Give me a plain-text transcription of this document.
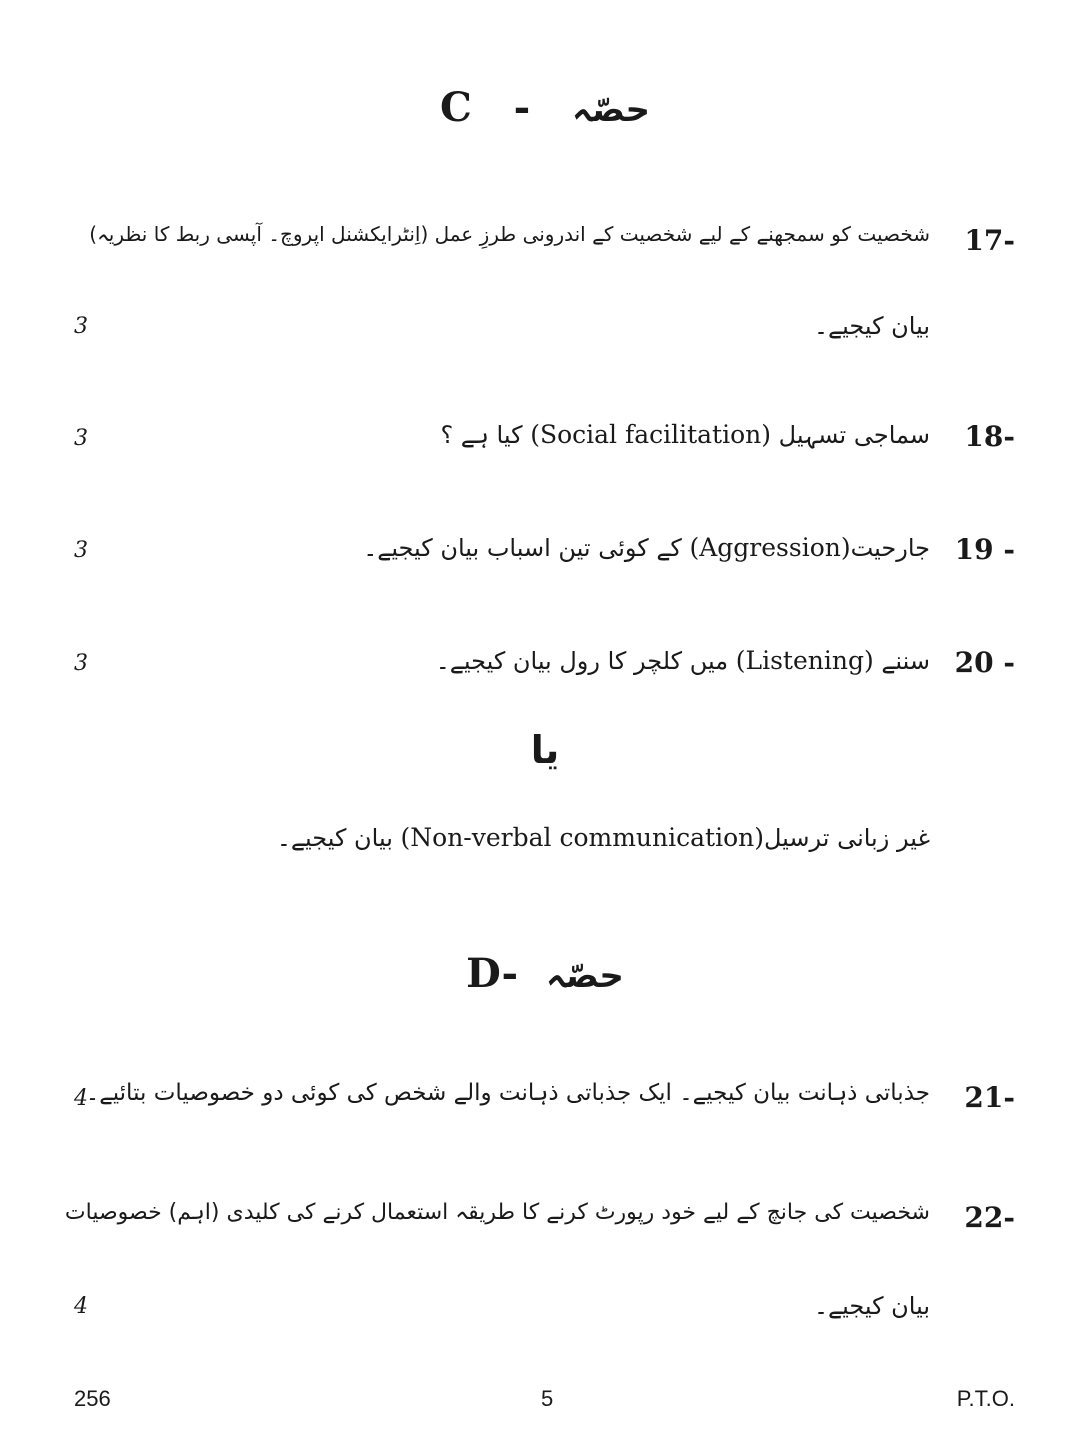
C - حصّہ
17-
شخصیت کو سمجھنے کے لیے شخصیت کے اندرونی طرزِ عمل (اِنٹرایکشنل اپروچ۔ آپسی ربط کا نظریہ)
بیان کیجیے۔
3
18-
سماجی تسہیل (Social facilitation) کیا ہے ؟
3
19 -
جارحیت(Aggression) کے کوئی تین اسباب بیان کیجیے۔
3
20 -
سننے (Listening) میں کلچر کا رول بیان کیجیے۔
3
یا
غیر زبانی ترسیل(Non-verbal communication) بیان کیجیے۔
D- حصّہ
21-
جذباتی ذہانت بیان کیجیے۔ ایک جذباتی ذہانت والے شخص کی کوئی دو خصوصیات بتائیے۔
4
22-
شخصیت کی جانچ کے لیے خود رپورٹ کرنے کا طریقہ استعمال کرنے کی کلیدی (اہم) خصوصیات
بیان کیجیے۔
4
256	5	P.T.O.
